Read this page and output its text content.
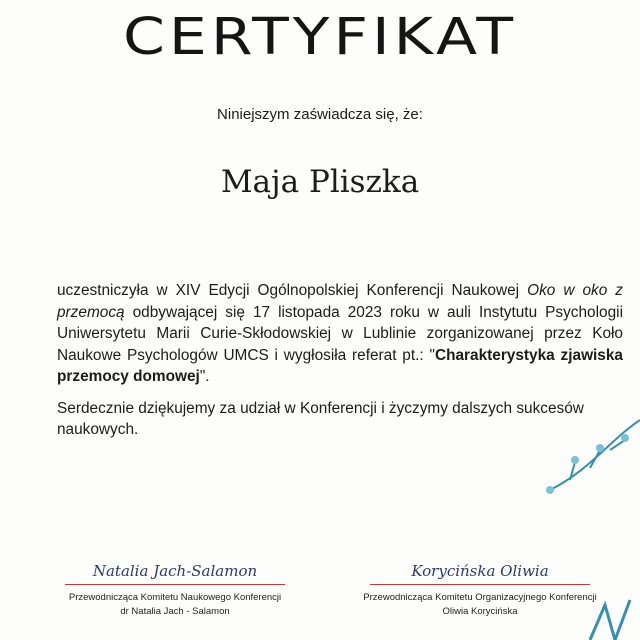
CERTYFIKAT
Niniejszym zaświadcza się, że:
Maja Pliszka

uczestniczyła w XIV Edycji Ogólnopolskiej Konferencji Naukowej Oko w oko z przemocą odbywającej się 17 listopada 2023 roku w auli Instytutu Psychologii Uniwersytetu Marii Curie-Skłodowskiej w Lublinie zorganizowanej przez Koło Naukowe Psychologów UMCS i wygłosiła referat pt.: "Charakterystyka zjawiska przemocy domowej".

Serdecznie dziękujemy za udział w Konferencji i życzymy dalszych sukcesów naukowych.

Natalia Jach-Salamon
Przewodnicząca Komitetu Naukowego Konferencji
dr Natalia Jach - Salamon
Korycińska Oliwia
Przewodnicząca Komitetu Organizacyjnego Konferencji
Oliwia Korycińska
